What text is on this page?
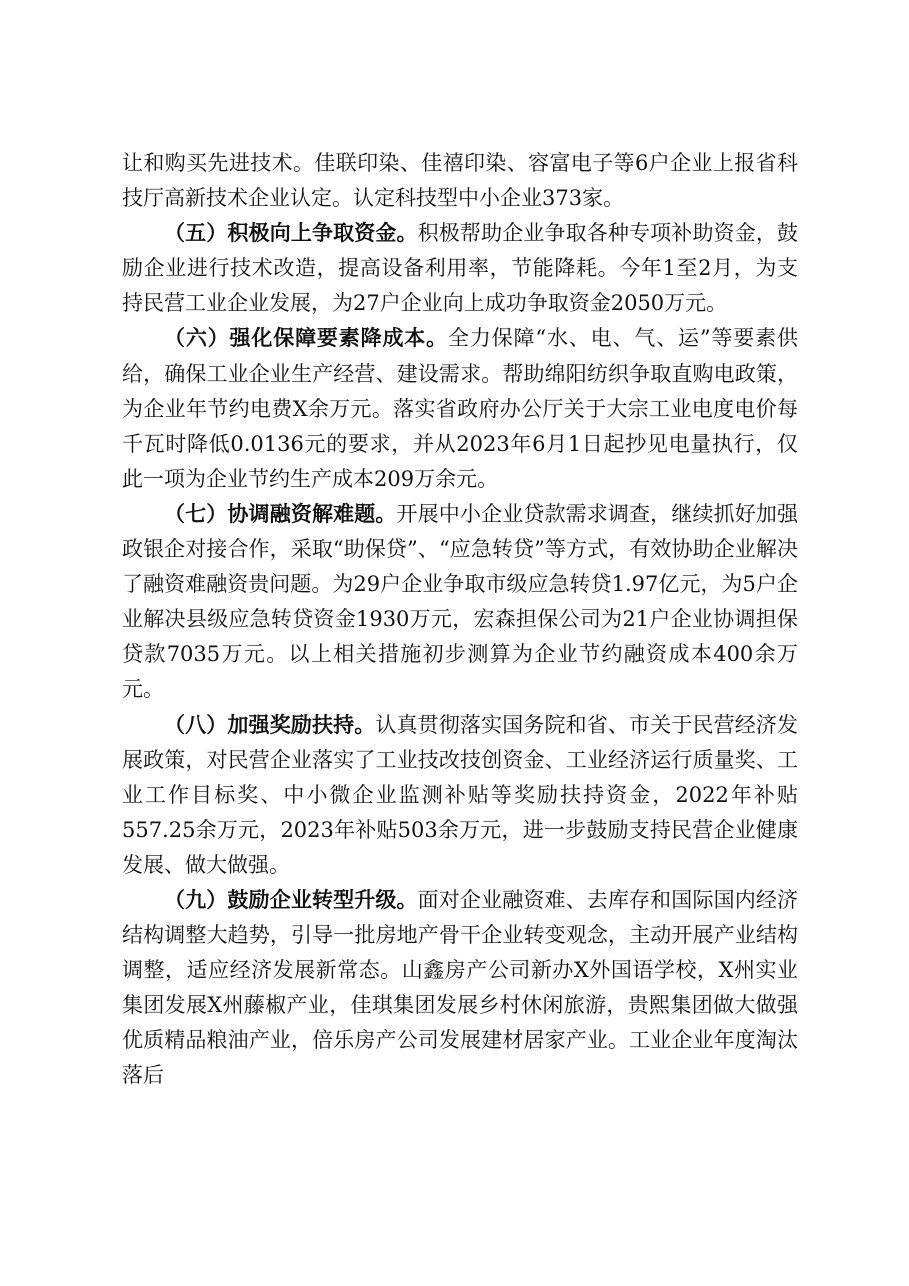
让和购买先进技术。佳联印染、佳禧印染、容富电子等6户企业上报省科技厅高新技术企业认定。认定科技型中小企业373家。

（五）积极向上争取资金。积极帮助企业争取各种专项补助资金，鼓励企业进行技术改造，提高设备利用率，节能降耗。今年1至2月，为支持民营工业企业发展，为27户企业向上成功争取资金2050万元。

（六）强化保障要素降成本。全力保障“水、电、气、运”等要素供给，确保工业企业生产经营、建设需求。帮助绵阳纺织争取直购电政策，为企业年节约电费X余万元。落实省政府办公厅关于大宗工业电度电价每千瓦时降低0.0136元的要求，并从2023年6月1日起抄见电量执行，仅此一项为企业节约生产成本209万余元。

（七）协调融资解难题。开展中小企业贷款需求调查，继续抓好加强政银企对接合作，采取“助保贷”、“应急转贷”等方式，有效协助企业解决了融资难融资贵问题。为29户企业争取市级应急转贷1.97亿元，为5户企业解决县级应急转贷资金1930万元，宏森担保公司为21户企业协调担保贷款7035万元。以上相关措施初步测算为企业节约融资成本400余万元。

（八）加强奖励扶持。认真贯彻落实国务院和省、市关于民营经济发展政策，对民营企业落实了工业技改技创资金、工业经济运行质量奖、工业工作目标奖、中小微企业监测补贴等奖励扶持资金，2022年补贴557.25余万元，2023年补贴503余万元，进一步鼓励支持民营企业健康发展、做大做强。

（九）鼓励企业转型升级。面对企业融资难、去库存和国际国内经济结构调整大趋势，引导一批房地产骨干企业转变观念，主动开展产业结构调整，适应经济发展新常态。山鑫房产公司新办X外国语学校，X州实业集团发展X州藤椒产业，佳琪集团发展乡村休闲旅游，贵熙集团做大做强优质精品粮油产业，倍乐房产公司发展建材居家产业。工业企业年度淘汰落后
